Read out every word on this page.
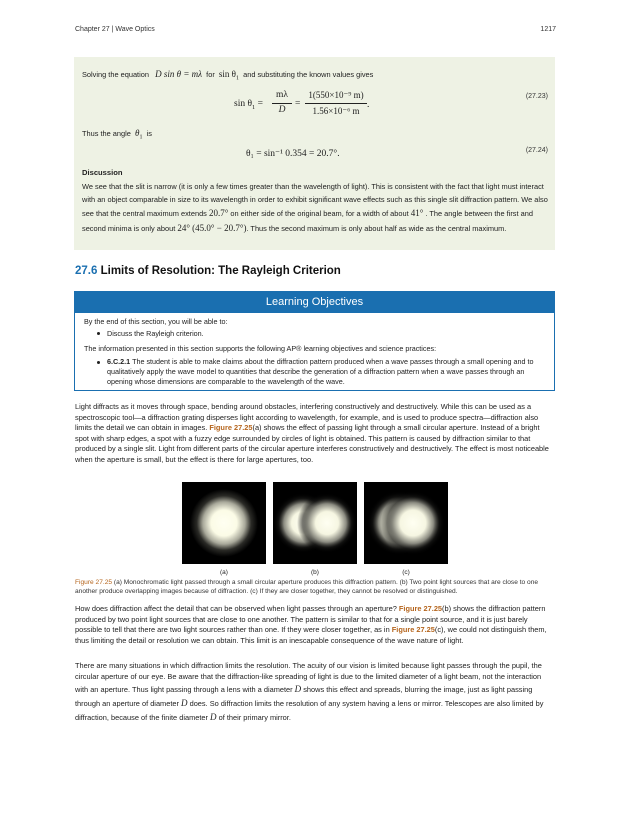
Chapter 27 | Wave Optics	1217
Solving the equation D sin θ = mλ for $\sin \theta_1$ and substituting the known values gives
$\sin \theta_1$ =
mλ
D
=
1(550×10⁻⁹ m)
1.56×10⁻⁶ m
.
(27.23)
Thus the angle $\theta_1$ is
θ₁ = sin⁻¹ 0.354 = 20.7°.	(27.24)
Discussion
We see that the slit is narrow (it is only a few times greater than the wavelength of light). This is consistent with the fact that light must interact with an object comparable in size to its wavelength in order to exhibit significant wave effects such as this single slit diffraction pattern. We also see that the central maximum extends 20.7° on either side of the original beam, for a width of about 41° . The angle between the first and second minima is only about 24° (45.0° − 20.7°). Thus the second maximum is only about half as wide as the central maximum.
27.6 Limits of Resolution: The Rayleigh Criterion
Learning Objectives
By the end of this section, you will be able to:
Discuss the Rayleigh criterion.
The information presented in this section supports the following AP® learning objectives and science practices:
6.C.2.1 The student is able to make claims about the diffraction pattern produced when a wave passes through a small opening and to qualitatively apply the wave model to quantities that describe the generation of a diffraction pattern when a wave passes through an opening whose dimensions are comparable to the wavelength of the wave.
Light diffracts as it moves through space, bending around obstacles, interfering constructively and destructively. While this can be used as a spectroscopic tool—a diffraction grating disperses light according to wavelength, for example, and is used to produce spectra—diffraction also limits the detail we can obtain in images. Figure 27.25(a) shows the effect of passing light through a small circular aperture. Instead of a bright spot with sharp edges, a spot with a fuzzy edge surrounded by circles of light is obtained. This pattern is caused by diffraction similar to that produced by a single slit. Light from different parts of the circular aperture interferes constructively and destructively. The effect is most noticeable when the aperture is small, but the effect is there for large apertures, too.
(a)	(b)	(c)
Figure 27.25 (a) Monochromatic light passed through a small circular aperture produces this diffraction pattern. (b) Two point light sources that are close to one another produce overlapping images because of diffraction. (c) If they are closer together, they cannot be resolved or distinguished.
How does diffraction affect the detail that can be observed when light passes through an aperture? Figure 27.25(b) shows the diffraction pattern produced by two point light sources that are close to one another. The pattern is similar to that for a single point source, and it is just barely possible to tell that there are two light sources rather than one. If they were closer together, as in Figure 27.25(c), we could not distinguish them, thus limiting the detail or resolution we can obtain. This limit is an inescapable consequence of the wave nature of light.
There are many situations in which diffraction limits the resolution. The acuity of our vision is limited because light passes through the pupil, the circular aperture of our eye. Be aware that the diffraction-like spreading of light is due to the limited diameter of a light beam, not the interaction with an aperture. Thus light passing through a lens with a diameter D shows this effect and spreads, blurring the image, just as light passing through an aperture of diameter D does. So diffraction limits the resolution of any system having a lens or mirror. Telescopes are also limited by diffraction, because of the finite diameter D of their primary mirror.
